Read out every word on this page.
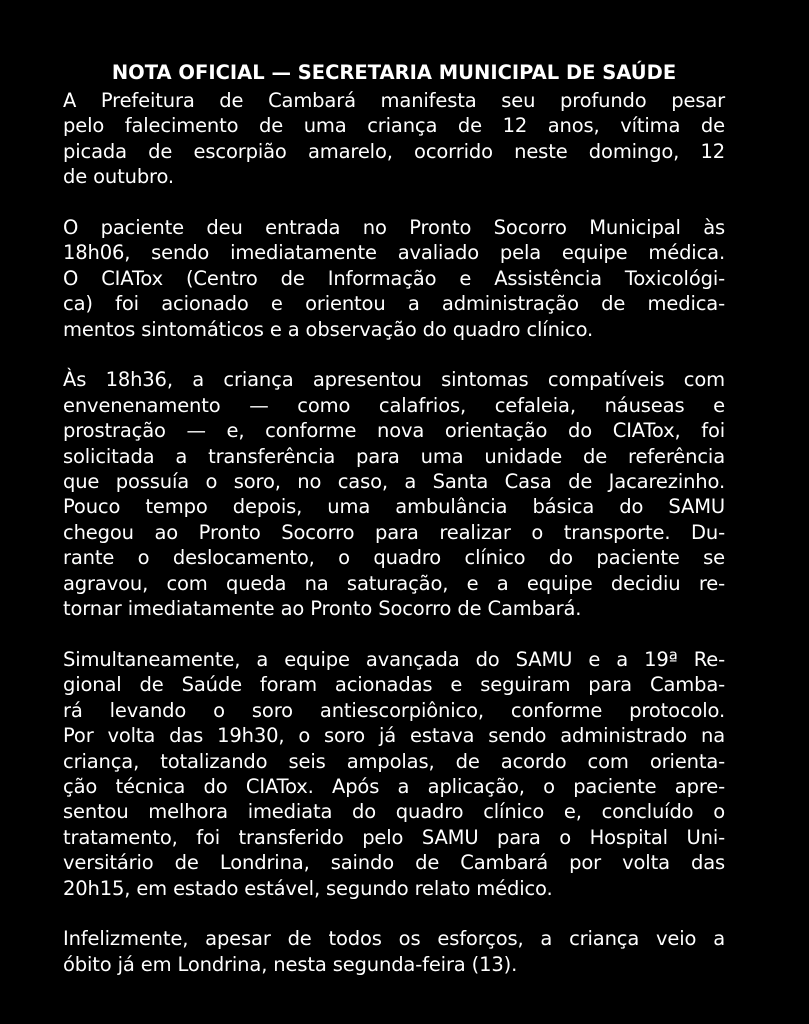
NOTA OFICIAL — SECRETARIA MUNICIPAL DE SAÚDE

A Prefeitura de Cambará manifesta seu profundo pesar
pelo falecimento de uma criança de 12 anos, vítima de
picada de escorpião amarelo, ocorrido neste domingo, 12
de outubro.

O paciente deu entrada no Pronto Socorro Municipal às
18h06, sendo imediatamente avaliado pela equipe médica.
O CIATox (Centro de Informação e Assistência Toxicológi-
ca) foi acionado e orientou a administração de medica-
mentos sintomáticos e a observação do quadro clínico.

Às 18h36, a criança apresentou sintomas compatíveis com
envenenamento — como calafrios, cefaleia, náuseas e
prostração — e, conforme nova orientação do CIATox, foi
solicitada a transferência para uma unidade de referência
que possuía o soro, no caso, a Santa Casa de Jacarezinho.
Pouco tempo depois, uma ambulância básica do SAMU
chegou ao Pronto Socorro para realizar o transporte. Du-
rante o deslocamento, o quadro clínico do paciente se
agravou, com queda na saturação, e a equipe decidiu re-
tornar imediatamente ao Pronto Socorro de Cambará.

Simultaneamente, a equipe avançada do SAMU e a 19ª Re-
gional de Saúde foram acionadas e seguiram para Camba-
rá levando o soro antiescorpiônico, conforme protocolo.
Por volta das 19h30, o soro já estava sendo administrado na
criança, totalizando seis ampolas, de acordo com orienta-
ção técnica do CIATox. Após a aplicação, o paciente apre-
sentou melhora imediata do quadro clínico e, concluído o
tratamento, foi transferido pelo SAMU para o Hospital Uni-
versitário de Londrina, saindo de Cambará por volta das
20h15, em estado estável, segundo relato médico.

Infelizmente, apesar de todos os esforços, a criança veio a
óbito já em Londrina, nesta segunda-feira (13).
